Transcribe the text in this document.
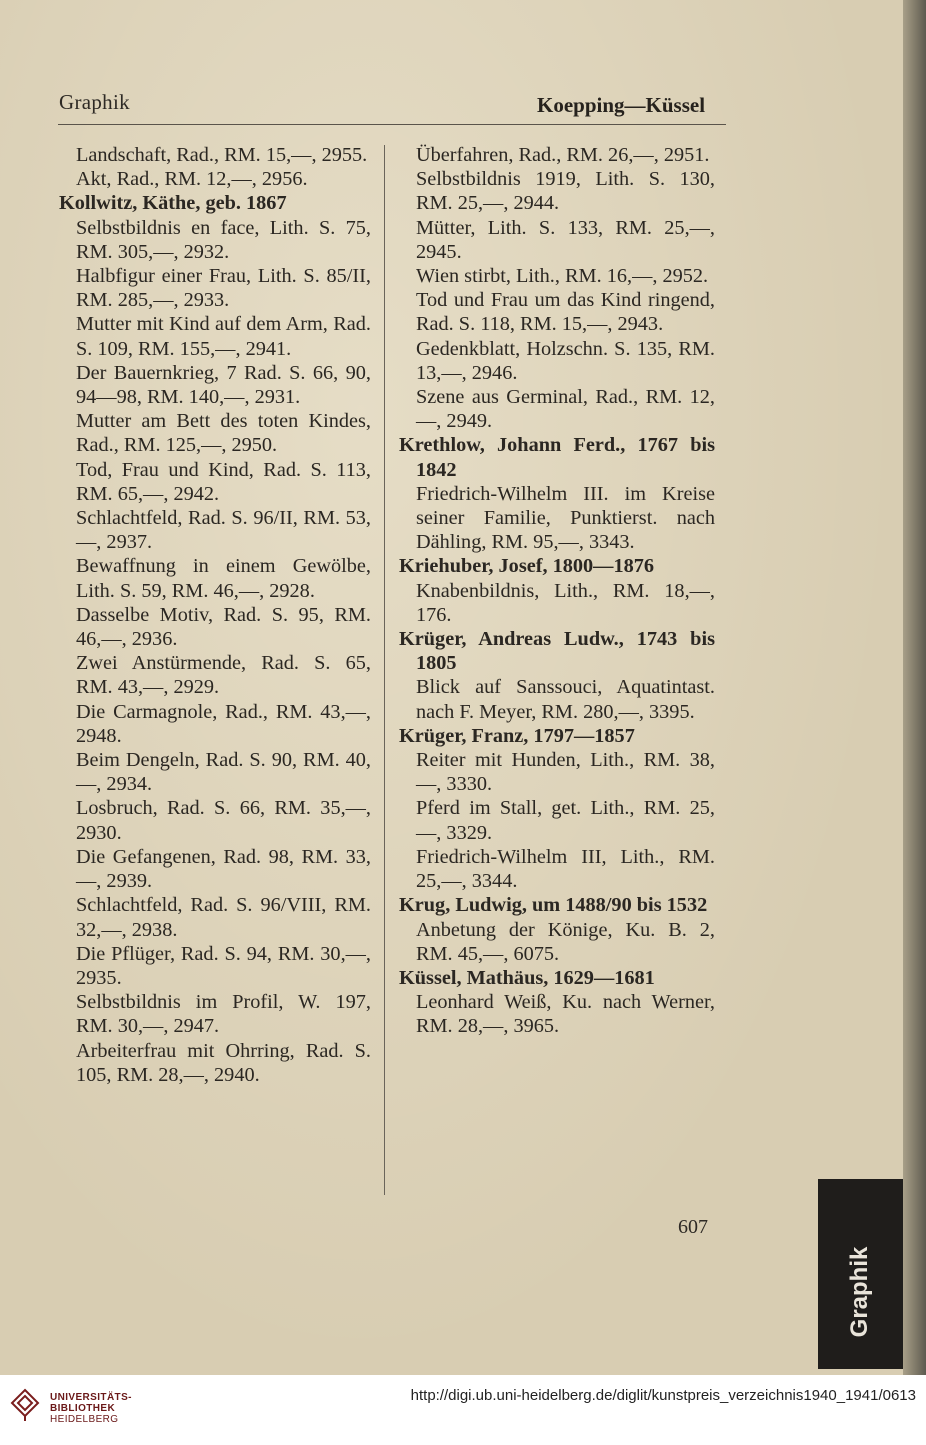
Graphik	Koepping—Küssel
Landschaft, Rad., RM. 15,—, 2955.
Akt, Rad., RM. 12,—, 2956.
Kollwitz, Käthe, geb. 1867
Selbstbildnis en face, Lith. S. 75, RM. 305,—, 2932.
Halbfigur einer Frau, Lith. S. 85/II, RM. 285,—, 2933.
Mutter mit Kind auf dem Arm, Rad. S. 109, RM. 155,—, 2941.
Der Bauernkrieg, 7 Rad. S. 66, 90, 94—98, RM. 140,—, 2931.
Mutter am Bett des toten Kindes, Rad., RM. 125,—, 2950.
Tod, Frau und Kind, Rad. S. 113, RM. 65,—, 2942.
Schlachtfeld, Rad. S. 96/II, RM. 53,—, 2937.
Bewaffnung in einem Gewölbe, Lith. S. 59, RM. 46,—, 2928.
Dasselbe Motiv, Rad. S. 95, RM. 46,—, 2936.
Zwei Anstürmende, Rad. S. 65, RM. 43,—, 2929.
Die Carmagnole, Rad., RM. 43,—, 2948.
Beim Dengeln, Rad. S. 90, RM. 40,—, 2934.
Losbruch, Rad. S. 66, RM. 35,—, 2930.
Die Gefangenen, Rad. 98, RM. 33,—, 2939.
Schlachtfeld, Rad. S. 96/VIII, RM. 32,—, 2938.
Die Pflüger, Rad. S. 94, RM. 30,—, 2935.
Selbstbildnis im Profil, W. 197, RM. 30,—, 2947.
Arbeiterfrau mit Ohrring, Rad. S. 105, RM. 28,—, 2940.
Überfahren, Rad., RM. 26,—, 2951.
Selbstbildnis 1919, Lith. S. 130, RM. 25,—, 2944.
Mütter, Lith. S. 133, RM. 25,—, 2945.
Wien stirbt, Lith., RM. 16,—, 2952.
Tod und Frau um das Kind ringend, Rad. S. 118, RM. 15,—, 2943.
Gedenkblatt, Holzschn. S. 135, RM. 13,—, 2946.
Szene aus Germinal, Rad., RM. 12,—, 2949.
Krethlow, Johann Ferd., 1767 bis 1842
Friedrich-Wilhelm III. im Kreise seiner Familie, Punktierst. nach Dähling, RM. 95,—, 3343.
Kriehuber, Josef, 1800—1876
Knabenbildnis, Lith., RM. 18,—, 176.
Krüger, Andreas Ludw., 1743 bis 1805
Blick auf Sanssouci, Aquatintast. nach F. Meyer, RM. 280,—, 3395.
Krüger, Franz, 1797—1857
Reiter mit Hunden, Lith., RM. 38,—, 3330.
Pferd im Stall, get. Lith., RM. 25,—, 3329.
Friedrich-Wilhelm III, Lith., RM. 25,—, 3344.
Krug, Ludwig, um 1488/90 bis 1532
Anbetung der Könige, Ku. B. 2, RM. 45,—, 6075.
Küssel, Mathäus, 1629—1681
Leonhard Weiß, Ku. nach Werner, RM. 28,—, 3965.
607
Graphik
UNIVERSITÄTS-
BIBLIOTHEK
HEIDELBERG
http://digi.ub.uni-heidelberg.de/diglit/kunstpreis_verzeichnis1940_1941/0613
